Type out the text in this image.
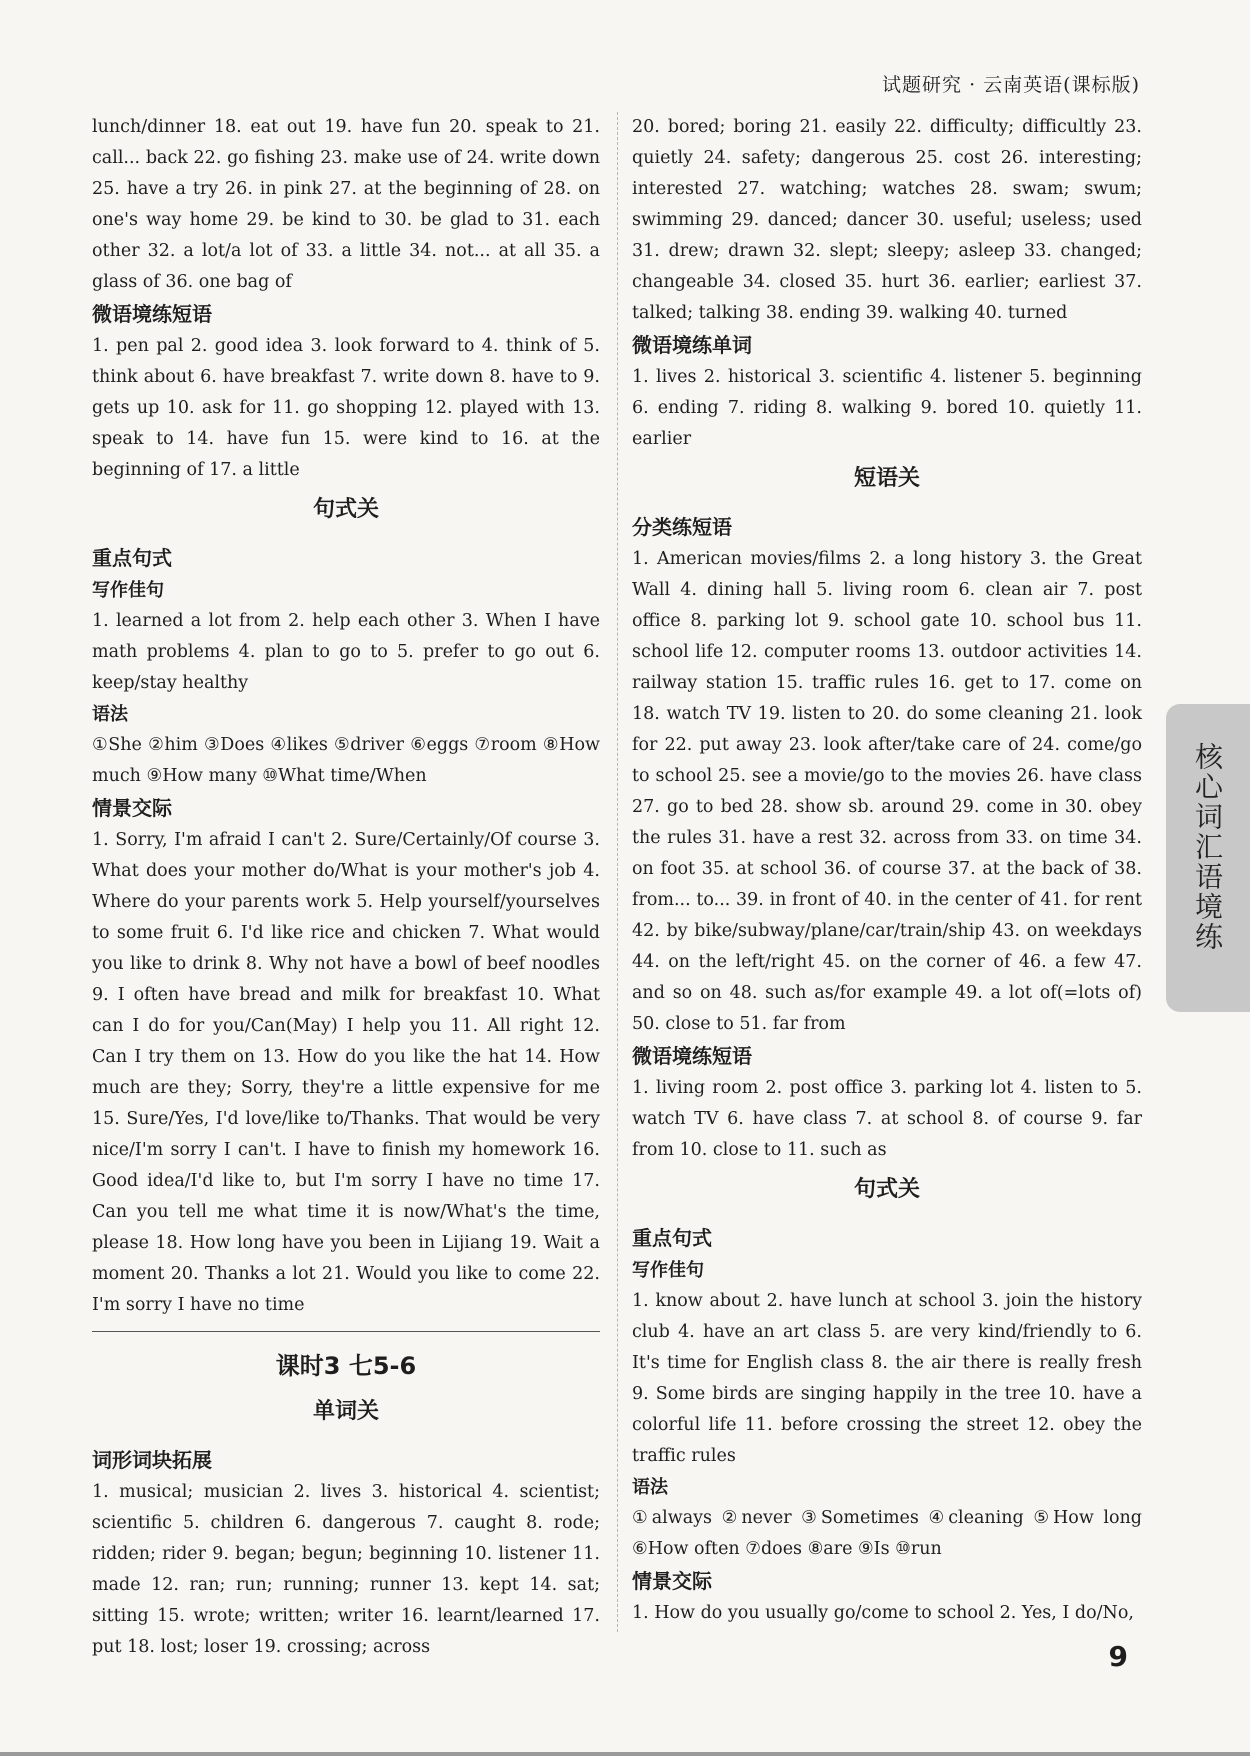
试题研究 · 云南英语(课标版)

lunch/dinner 18. eat out 19. have fun 20. speak to 21. call... back 22. go fishing 23. make use of 24. write down 25. have a try 26. in pink 27. at the beginning of 28. on one's way home 29. be kind to 30. be glad to 31. each other 32. a lot/a lot of 33. a little 34. not... at all 35. a glass of 36. one bag of

微语境练短语

1. pen pal 2. good idea 3. look forward to 4. think of 5. think about 6. have breakfast 7. write down 8. have to 9. gets up 10. ask for 11. go shopping 12. played with 13. speak to 14. have fun 15. were kind to 16. at the beginning of 17. a little

句式关

重点句式

写作佳句

1. learned a lot from 2. help each other 3. When I have math problems 4. plan to go to 5. prefer to go out 6. keep/stay healthy

语法

①She ②him ③Does ④likes ⑤driver ⑥eggs ⑦room ⑧How much ⑨How many ⑩What time/When

情景交际

1. Sorry, I'm afraid I can't 2. Sure/Certainly/Of course 3. What does your mother do/What is your mother's job 4. Where do your parents work 5. Help yourself/yourselves to some fruit 6. I'd like rice and chicken 7. What would you like to drink 8. Why not have a bowl of beef noodles 9. I often have bread and milk for breakfast 10. What can I do for you/Can(May) I help you 11. All right 12. Can I try them on 13. How do you like the hat 14. How much are they; Sorry, they're a little expensive for me 15. Sure/Yes, I'd love/like to/Thanks. That would be very nice/I'm sorry I can't. I have to finish my homework 16. Good idea/I'd like to, but I'm sorry I have no time 17. Can you tell me what time it is now/What's the time, please 18. How long have you been in Lijiang 19. Wait a moment 20. Thanks a lot 21. Would you like to come 22. I'm sorry I have no time

课时3 七5-6
单词关

词形词块拓展

1. musical; musician 2. lives 3. historical 4. scientist; scientific 5. children 6. dangerous 7. caught 8. rode; ridden; rider 9. began; begun; beginning 10. listener 11. made 12. ran; run; running; runner 13. kept 14. sat; sitting 15. wrote; written; writer 16. learnt/learned 17. put 18. lost; loser 19. crossing; across

20. bored; boring 21. easily 22. difficulty; difficultly 23. quietly 24. safety; dangerous 25. cost 26. interesting; interested 27. watching; watches 28. swam; swum; swimming 29. danced; dancer 30. useful; useless; used 31. drew; drawn 32. slept; sleepy; asleep 33. changed; changeable 34. closed 35. hurt 36. earlier; earliest 37. talked; talking 38. ending 39. walking 40. turned

微语境练单词

1. lives 2. historical 3. scientific 4. listener 5. beginning 6. ending 7. riding 8. walking 9. bored 10. quietly 11. earlier

短语关

分类练短语

1. American movies/films 2. a long history 3. the Great Wall 4. dining hall 5. living room 6. clean air 7. post office 8. parking lot 9. school gate 10. school bus 11. school life 12. computer rooms 13. outdoor activities 14. railway station 15. traffic rules 16. get to 17. come on 18. watch TV 19. listen to 20. do some cleaning 21. look for 22. put away 23. look after/take care of 24. come/go to school 25. see a movie/go to the movies 26. have class 27. go to bed 28. show sb. around 29. come in 30. obey the rules 31. have a rest 32. across from 33. on time 34. on foot 35. at school 36. of course 37. at the back of 38. from... to... 39. in front of 40. in the center of 41. for rent 42. by bike/subway/plane/car/train/ship 43. on weekdays 44. on the left/right 45. on the corner of 46. a few 47. and so on 48. such as/for example 49. a lot of(=lots of) 50. close to 51. far from

微语境练短语

1. living room 2. post office 3. parking lot 4. listen to 5. watch TV 6. have class 7. at school 8. of course 9. far from 10. close to 11. such as

句式关

重点句式

写作佳句

1. know about 2. have lunch at school 3. join the history club 4. have an art class 5. are very kind/friendly to 6. It's time for English class 8. the air there is really fresh 9. Some birds are singing happily in the tree 10. have a colorful life 11. before crossing the street 12. obey the traffic rules

语法

①always ②never ③Sometimes ④cleaning ⑤How long ⑥How often ⑦does ⑧are ⑨Is ⑩run

情景交际

1. How do you usually go/come to school 2. Yes, I do/No,

核心词汇语境练
9
